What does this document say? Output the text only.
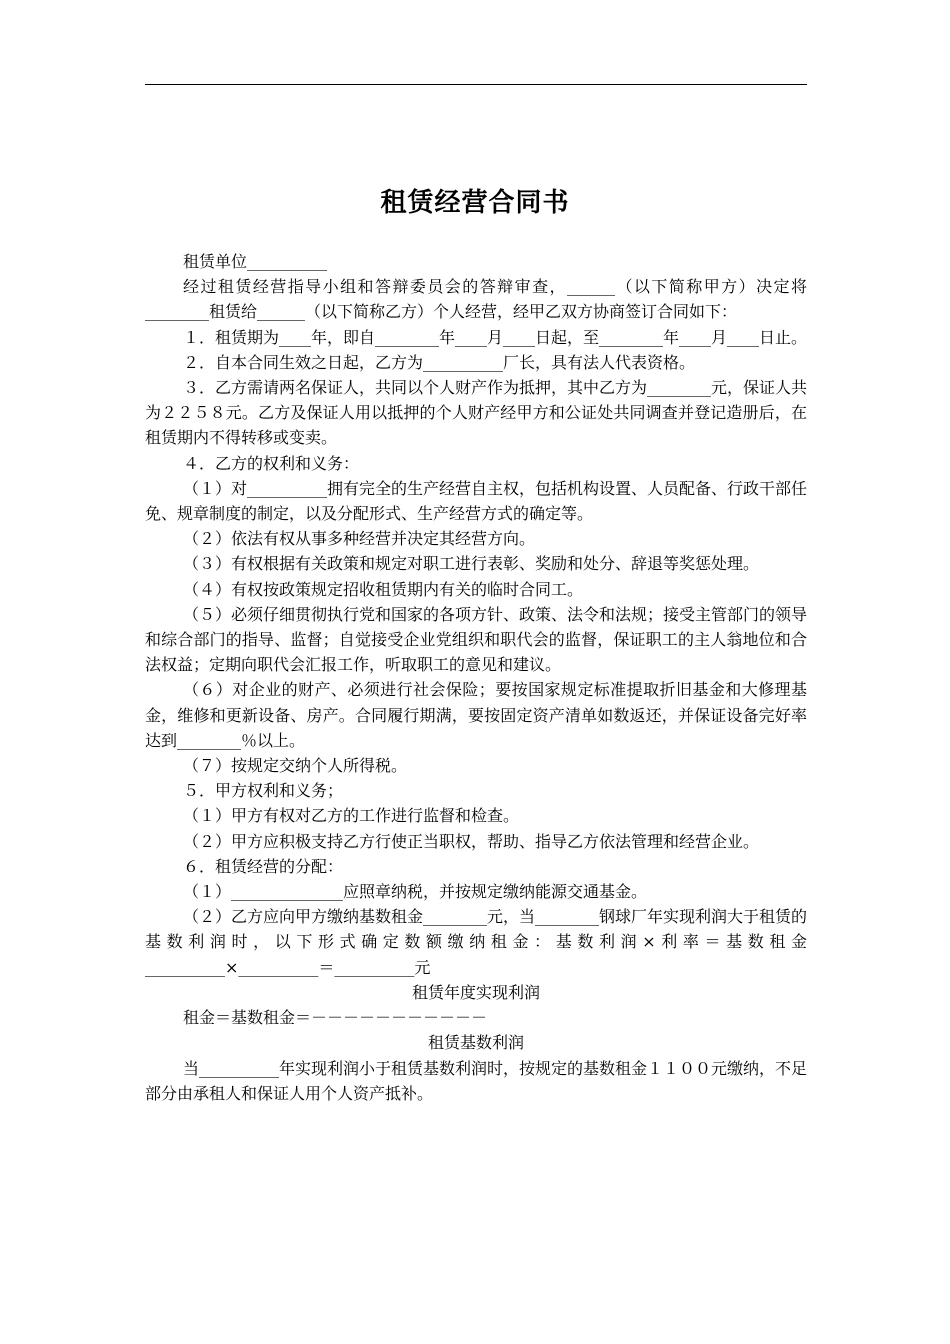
租赁经营合同书

租赁单位__________

经过租赁经营指导小组和答辩委员会的答辩审查，______（以下简称甲方）决定将________租赁给______（以下简称乙方）个人经营，经甲乙双方协商签订合同如下：

１．租赁期为____年，即自________年____月____日起，至________年____月____日止。

２．自本合同生效之日起，乙方为__________厂长，具有法人代表资格。

３．乙方需请两名保证人，共同以个人财产作为抵押，其中乙方为________元，保证人共为２２５８元。乙方及保证人用以抵押的个人财产经甲方和公证处共同调查并登记造册后，在租赁期内不得转移或变卖。

４．乙方的权利和义务：

（１）对__________拥有完全的生产经营自主权，包括机构设置、人员配备、行政干部任免、规章制度的制定，以及分配形式、生产经营方式的确定等。

（２）依法有权从事多种经营并决定其经营方向。

（３）有权根据有关政策和规定对职工进行表彰、奖励和处分、辞退等奖惩处理。

（４）有权按政策规定招收租赁期内有关的临时合同工。

（５）必须仔细贯彻执行党和国家的各项方针、政策、法令和法规；接受主管部门的领导和综合部门的指导、监督；自觉接受企业党组织和职代会的监督，保证职工的主人翁地位和合法权益；定期向职代会汇报工作，听取职工的意见和建议。

（６）对企业的财产、必须进行社会保险；要按国家规定标准提取折旧基金和大修理基金，维修和更新设备、房产。合同履行期满，要按固定资产清单如数返还，并保证设备完好率达到________％以上。

（７）按规定交纳个人所得税。

５．甲方权利和义务；

（１）甲方有权对乙方的工作进行监督和检查。

（２）甲方应积极支持乙方行使正当职权，帮助、指导乙方依法管理和经营企业。

６．租赁经营的分配：

（１）______________应照章纳税，并按规定缴纳能源交通基金。

（２）乙方应向甲方缴纳基数租金________元，当________钢球厂年实现利润大于租赁的基数利润时，以下形式确定数额缴纳租金：基数利润×利率＝基数租金__________×__________＝__________元

租赁年度实现利润

租金＝基数租金＝－－－－－－－－－－－

租赁基数利润

当__________年实现利润小于租赁基数利润时，按规定的基数租金１１００元缴纳，不足部分由承租人和保证人用个人资产抵补。
